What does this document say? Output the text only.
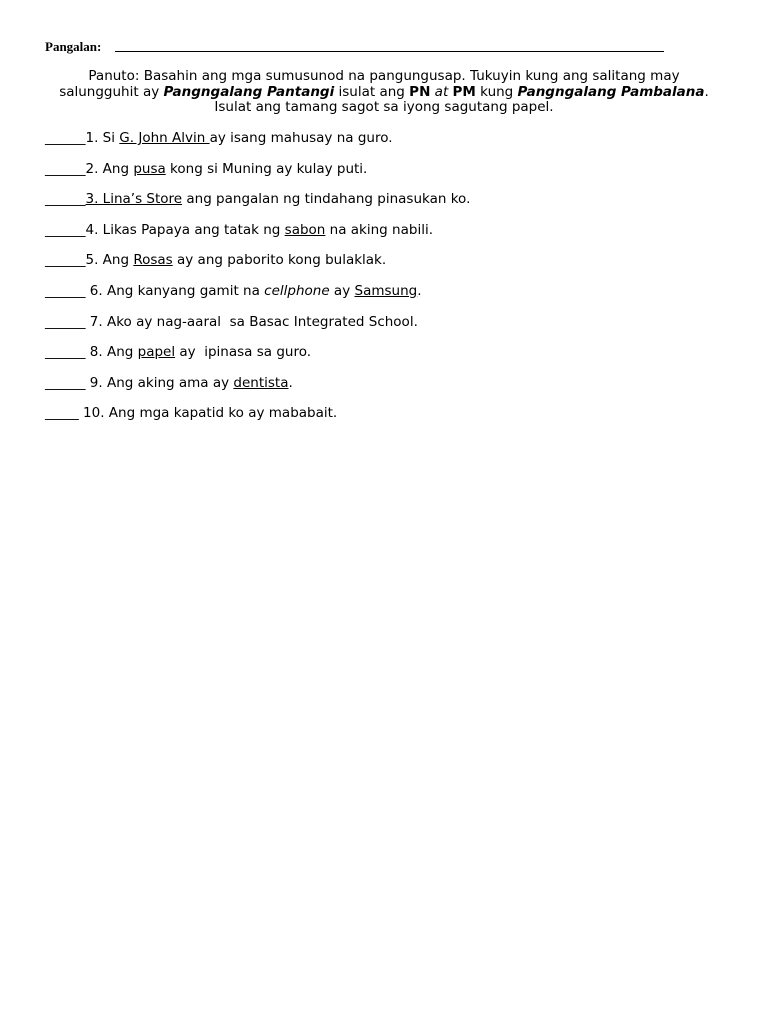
Pangalan:
Panuto: Basahin ang mga sumusunod na pangungusap. Tukuyin kung ang salitang may salungguhit ay Pangngalang Pantangi isulat ang PN at PM kung Pangngalang Pambalana. Isulat ang tamang sagot sa iyong sagutang papel.
______1. Si G. John Alvin ay isang mahusay na guro.
______2. Ang pusa kong si Muning ay kulay puti.
______3. Lina’s Store ang pangalan ng tindahang pinasukan ko.
______4. Likas Papaya ang tatak ng sabon na aking nabili.
______5. Ang Rosas ay ang paborito kong bulaklak.
______ 6. Ang kanyang gamit na cellphone ay Samsung.
______ 7. Ako ay nag-aaral  sa Basac Integrated School.
______ 8. Ang papel ay  ipinasa sa guro.
______ 9. Ang aking ama ay dentista.
_____ 10. Ang mga kapatid ko ay mababait.
